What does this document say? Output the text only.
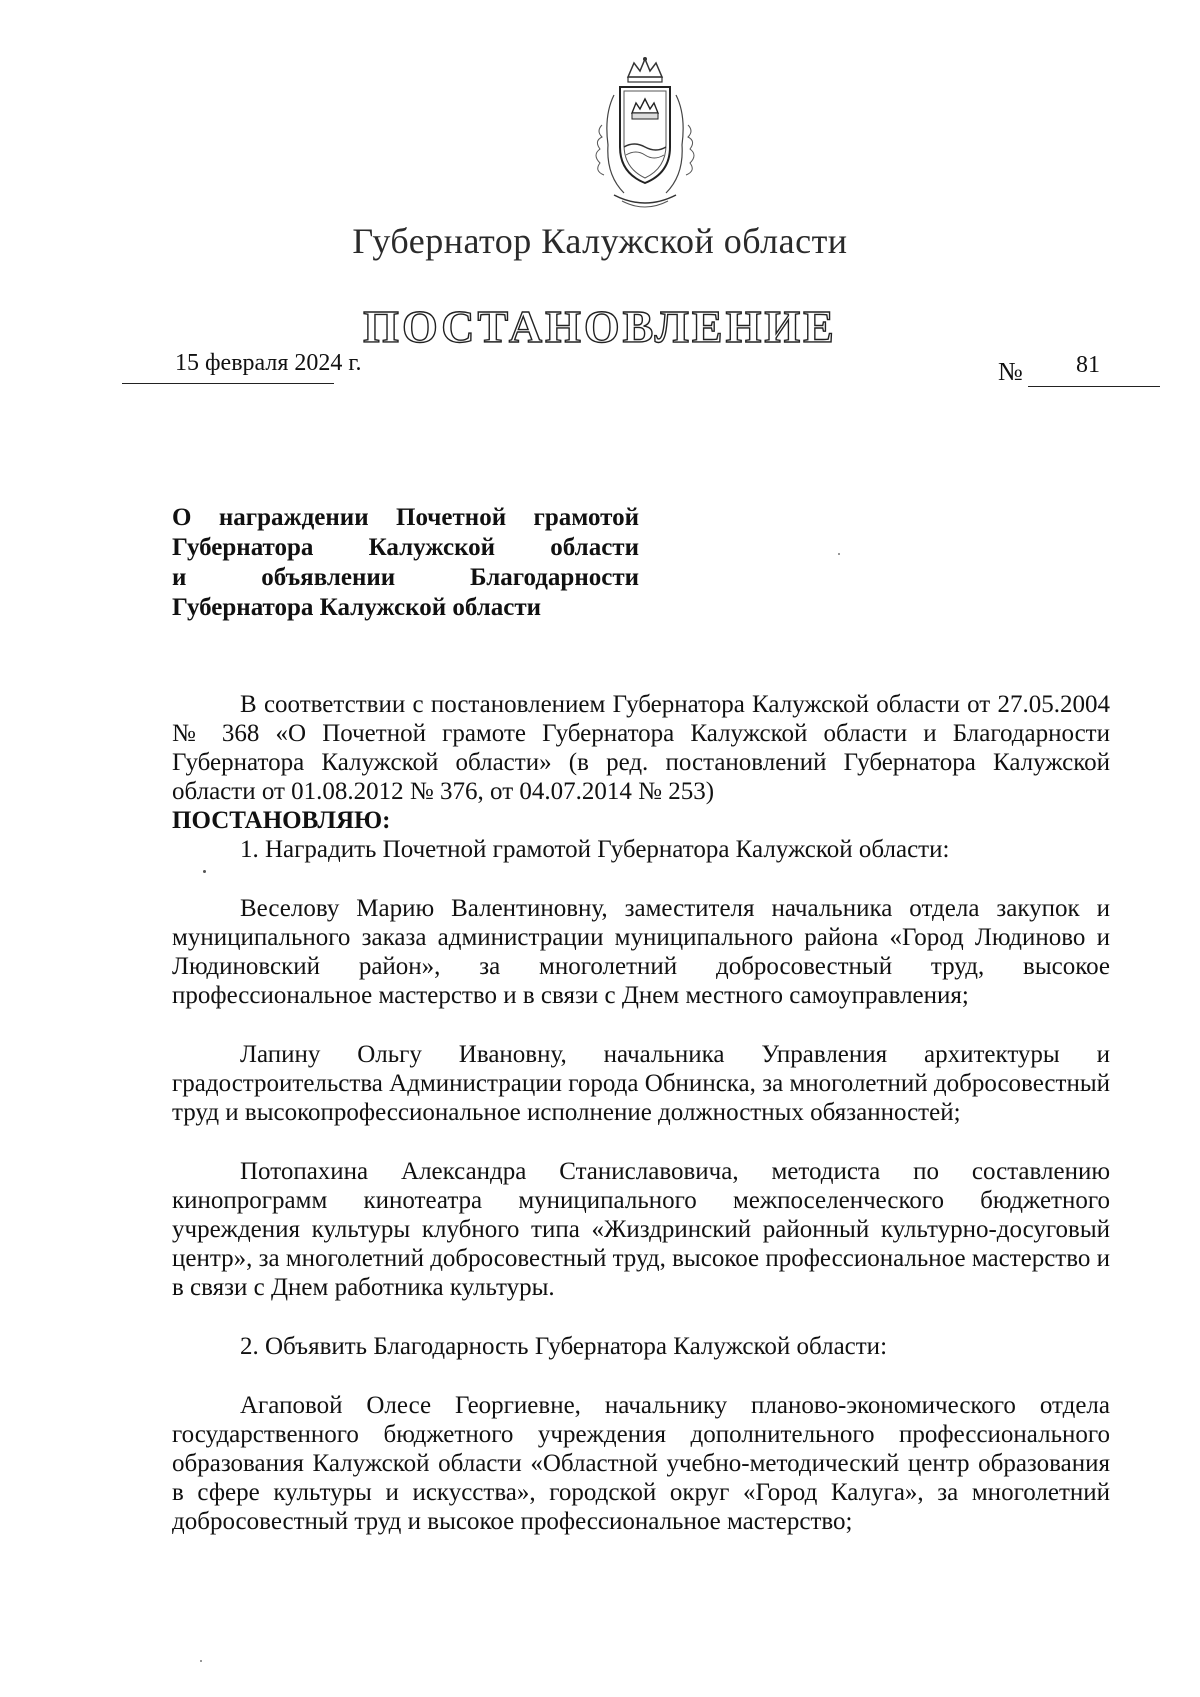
Губернатор Калужской области
ПОСТАНОВЛЕНИЕ
15 февраля 2024 г.	№ 81
О награждении Почетной грамотой
Губернатора Калужской области
и объявлении Благодарности
Губернатора Калужской области

В соответствии с постановлением Губернатора Калужской области от 27.05.2004 № 368 «О Почетной грамоте Губернатора Калужской области и Благодарности Губернатора Калужской области» (в ред. постановлений Губернатора Калужской области от 01.08.2012 № 376, от 04.07.2014 № 253)

ПОСТАНОВЛЯЮ:

1. Наградить Почетной грамотой Губернатора Калужской области:

Веселову Марию Валентиновну, заместителя начальника отдела закупок и муниципального заказа администрации муниципального района «Город Людиново и Людиновский район», за многолетний добросовестный труд, высокое профессиональное мастерство и в связи с Днем местного самоуправления;

Лапину Ольгу Ивановну, начальника Управления архитектуры и градостроительства Администрации города Обнинска, за многолетний добросовестный труд и высокопрофессиональное исполнение должностных обязанностей;

Потопахина Александра Станиславовича, методиста по составлению кинопрограмм кинотеатра муниципального межпоселенческого бюджетного учреждения культуры клубного типа «Жиздринский районный культурно-досуговый центр», за многолетний добросовестный труд, высокое профессиональное мастерство и в связи с Днем работника культуры.

2. Объявить Благодарность Губернатора Калужской области:

Агаповой Олесе Георгиевне, начальнику планово-экономического отдела государственного бюджетного учреждения дополнительного профессионального образования Калужской области «Областной учебно-методический центр образования в сфере культуры и искусства», городской округ «Город Калуга», за многолетний добросовестный труд и высокое профессиональное мастерство;
